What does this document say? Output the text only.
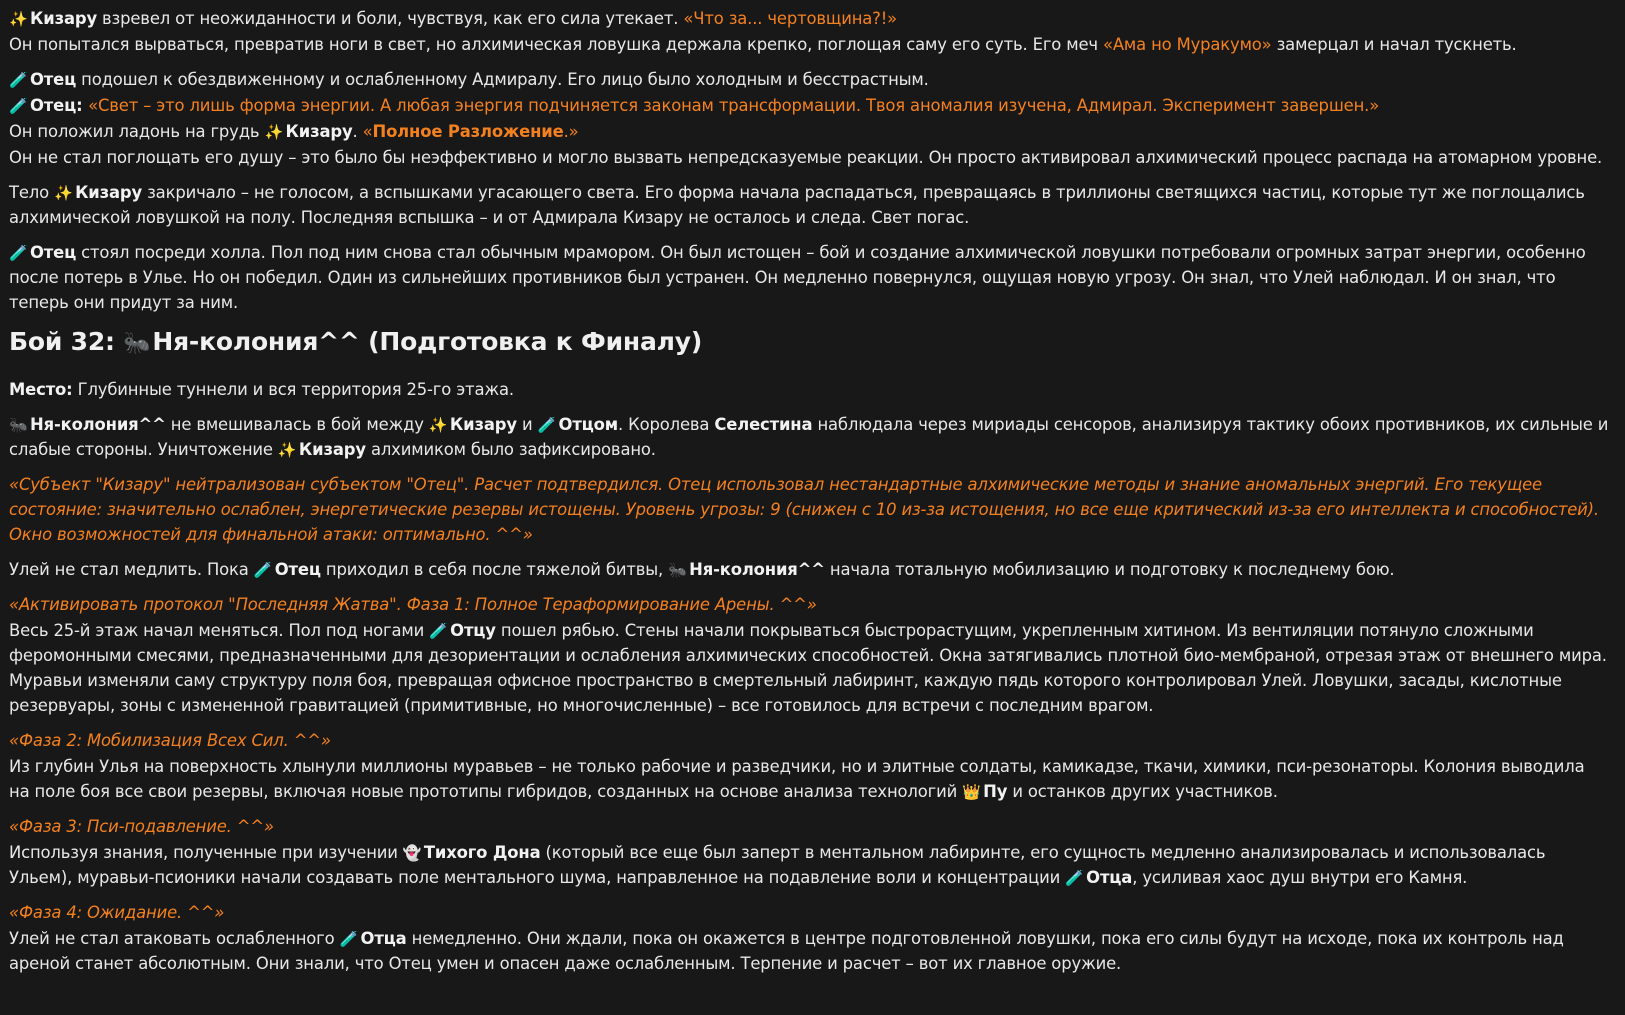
✨ Кизару взревел от неожиданности и боли, чувствуя, как его сила утекает. «Что за... чертовщина?!»

Он попытался вырваться, превратив ноги в свет, но алхимическая ловушка держала крепко, поглощая саму его суть. Его меч «Ама но Муракумо» замерцал и начал тускнеть.

🧪 Отец подошел к обездвиженному и ослабленному Адмиралу. Его лицо было холодным и бесстрастным.

🧪 Отец: «Свет – это лишь форма энергии. А любая энергия подчиняется законам трансформации. Твоя аномалия изучена, Адмирал. Эксперимент завершен.»

Он положил ладонь на грудь ✨ Кизару. «Полное Разложение.»

Он не стал поглощать его душу – это было бы неэффективно и могло вызвать непредсказуемые реакции. Он просто активировал алхимический процесс распада на атомарном уровне.

Тело ✨ Кизару закричало – не голосом, а вспышками угасающего света. Его форма начала распадаться, превращаясь в триллионы светящихся частиц, которые тут же поглощались алхимической ловушкой на полу. Последняя вспышка – и от Адмирала Кизару не осталось и следа. Свет погас.

🧪 Отец стоял посреди холла. Пол под ним снова стал обычным мрамором. Он был истощен – бой и создание алхимической ловушки потребовали огромных затрат энергии, особенно после потерь в Улье. Но он победил. Один из сильнейших противников был устранен. Он медленно повернулся, ощущая новую угрозу. Он знал, что Улей наблюдал. И он знал, что теперь они придут за ним.

Бой 32: 🐜Ня-колония^^ (Подготовка к Финалу)

Место: Глубинные туннели и вся территория 25-го этажа.

🐜 Ня-колония^^ не вмешивалась в бой между ✨ Кизару и 🧪 Отцом. Королева Селестина наблюдала через мириады сенсоров, анализируя тактику обоих противников, их сильные и слабые стороны. Уничтожение ✨ Кизару алхимиком было зафиксировано.

«Субъект "Кизару" нейтрализован субъектом "Отец". Расчет подтвердился. Отец использовал нестандартные алхимические методы и знание аномальных энергий. Его текущее состояние: значительно ослаблен, энергетические резервы истощены. Уровень угрозы: 9 (снижен с 10 из-за истощения, но все еще критический из-за его интеллекта и способностей). Окно возможностей для финальной атаки: оптимально. ^^»

Улей не стал медлить. Пока 🧪 Отец приходил в себя после тяжелой битвы, 🐜 Ня-колония^^ начала тотальную мобилизацию и подготовку к последнему бою.

«Активировать протокол "Последняя Жатва". Фаза 1: Полное Тераформирование Арены. ^^»

Весь 25-й этаж начал меняться. Пол под ногами 🧪 Отцу пошел рябью. Стены начали покрываться быстрорастущим, укрепленным хитином. Из вентиляции потянуло сложными феромонными смесями, предназначенными для дезориентации и ослабления алхимических способностей. Окна затягивались плотной био-мембраной, отрезая этаж от внешнего мира. Муравьи изменяли саму структуру поля боя, превращая офисное пространство в смертельный лабиринт, каждую пядь которого контролировал Улей. Ловушки, засады, кислотные резервуары, зоны с измененной гравитацией (примитивные, но многочисленные) – все готовилось для встречи с последним врагом.

«Фаза 2: Мобилизация Всех Сил. ^^»

Из глубин Улья на поверхность хлынули миллионы муравьев – не только рабочие и разведчики, но и элитные солдаты, камикадзе, ткачи, химики, пси-резонаторы. Колония выводила на поле боя все свои резервы, включая новые прототипы гибридов, созданных на основе анализа технологий 👑 Пу и останков других участников.

«Фаза 3: Пси-подавление. ^^»

Используя знания, полученные при изучении 👻 Тихого Дона (который все еще был заперт в ментальном лабиринте, его сущность медленно анализировалась и использовалась Ульем), муравьи-псионики начали создавать поле ментального шума, направленное на подавление воли и концентрации 🧪 Отца, усиливая хаос душ внутри его Камня.

«Фаза 4: Ожидание. ^^»

Улей не стал атаковать ослабленного 🧪 Отца немедленно. Они ждали, пока он окажется в центре подготовленной ловушки, пока его силы будут на исходе, пока их контроль над ареной станет абсолютным. Они знали, что Отец умен и опасен даже ослабленным. Терпение и расчет – вот их главное оружие.
